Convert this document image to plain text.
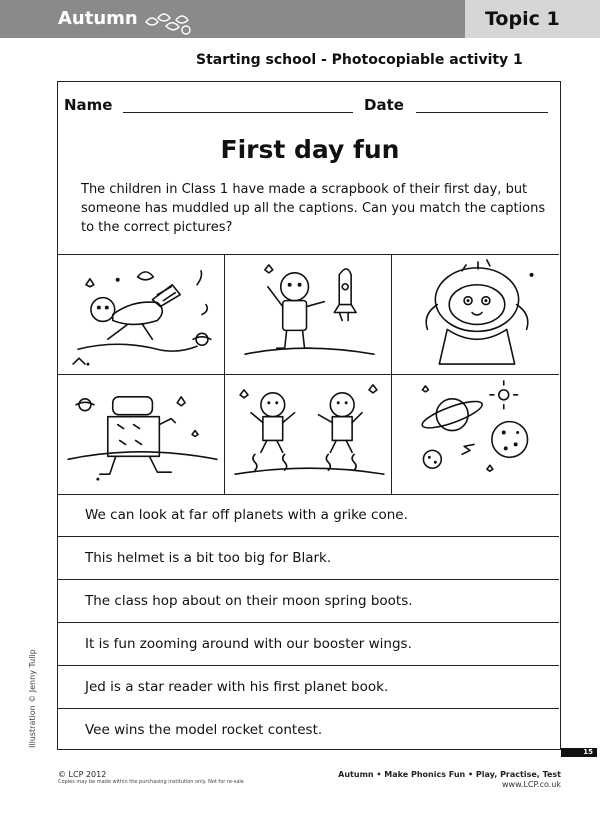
Autumn	Topic 1
Starting school - Photocopiable activity 1
Name	Date
First day fun
The children in Class 1 have made a scrapbook of their first day, but someone has muddled up all the captions. Can you match the captions to the correct pictures?
We can look at far off planets with a grike cone.
This helmet is a bit too big for Blark.
The class hop about on their moon spring boots.
It is fun zooming around with our booster wings.
Jed is a star reader with his first planet book.
Vee wins the model rocket contest.
Illustration © Jenny Tulip
15
© LCP 2012
Copies may be made within the purchasing institution only. Not for re-sale
Autumn • Make Phonics Fun • Play, Practise, Test
www.LCP.co.uk
